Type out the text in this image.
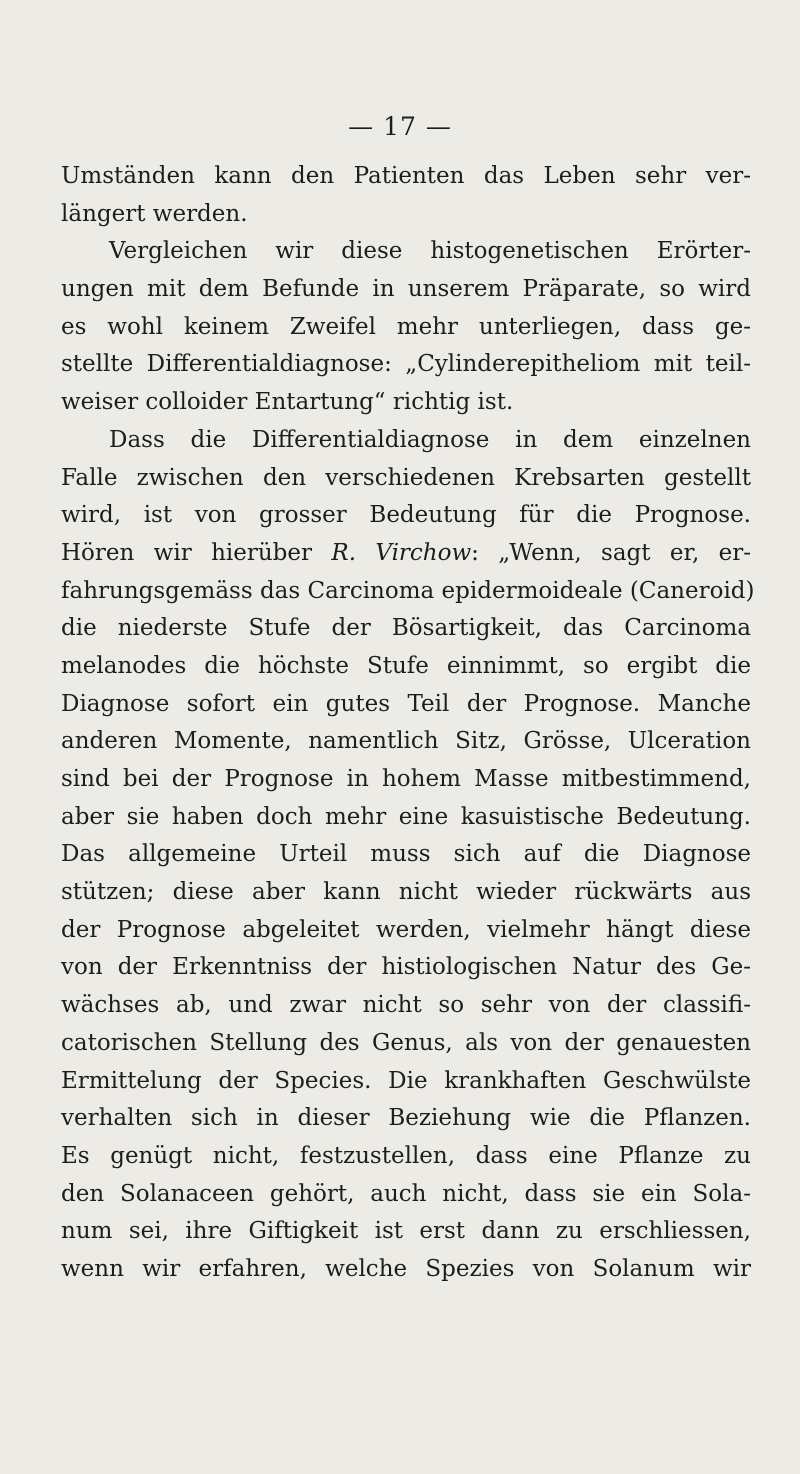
— 17 —
Umständen kann den Patienten das Leben sehr ver-
längert werden.
Vergleichen wir diese histogenetischen Erörter-
ungen mit dem Befunde in unserem Präparate, so wird
es wohl keinem Zweifel mehr unterliegen, dass ge-
stellte Differentialdiagnose: „Cylinderepitheliom mit teil-
weiser colloider Entartung“ richtig ist.
Dass die Differentialdiagnose in dem einzelnen
Falle zwischen den verschiedenen Krebsarten gestellt
wird, ist von grosser Bedeutung für die Prognose.
Hören wir hierüber R. Virchow: „Wenn, sagt er, er-
fahrungsgemäss das Carcinoma epidermoideale (Caneroid)
die niederste Stufe der Bösartigkeit, das Carcinoma
melanodes die höchste Stufe einnimmt, so ergibt die
Diagnose sofort ein gutes Teil der Prognose. Manche
anderen Momente, namentlich Sitz, Grösse, Ulceration
sind bei der Prognose in hohem Masse mitbestimmend,
aber sie haben doch mehr eine kasuistische Bedeutung.
Das allgemeine Urteil muss sich auf die Diagnose
stützen; diese aber kann nicht wieder rückwärts aus
der Prognose abgeleitet werden, vielmehr hängt diese
von der Erkenntniss der histiologischen Natur des Ge-
wächses ab, und zwar nicht so sehr von der classifi-
catorischen Stellung des Genus, als von der genauesten
Ermittelung der Species. Die krankhaften Geschwülste
verhalten sich in dieser Beziehung wie die Pflanzen.
Es genügt nicht, festzustellen, dass eine Pflanze zu
den Solanaceen gehört, auch nicht, dass sie ein Sola-
num sei, ihre Giftigkeit ist erst dann zu erschliessen,
wenn wir erfahren, welche Spezies von Solanum wir
